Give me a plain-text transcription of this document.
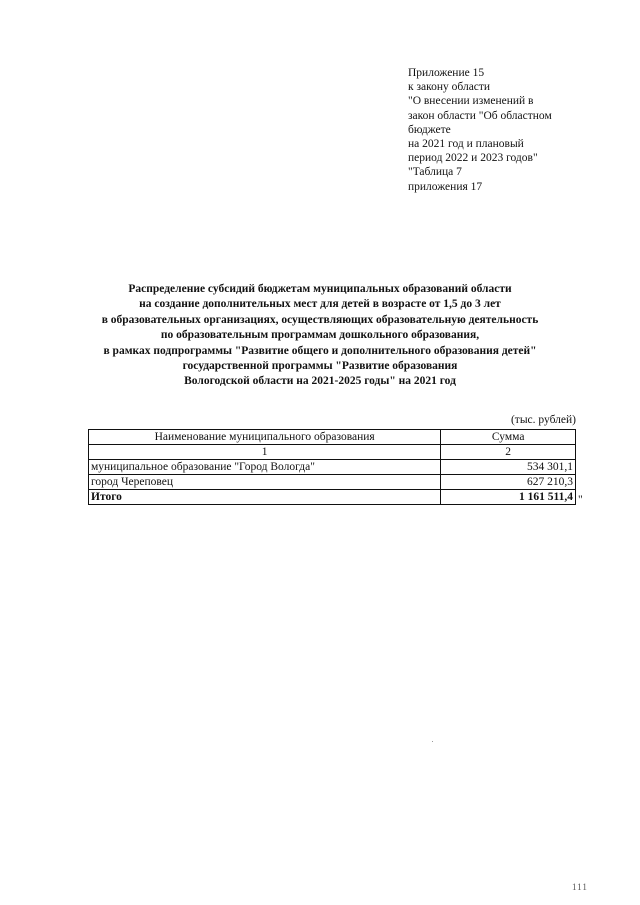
Приложение 15
к закону области
"О внесении изменений в
закон области "Об областном
бюджете
на 2021 год и плановый
период 2022 и 2023 годов"
"Таблица 7
приложения 17
Распределение субсидий бюджетам муниципальных образований области
на создание дополнительных мест для детей в возрасте от 1,5 до 3 лет
в образовательных организациях, осуществляющих образовательную деятельность
по образовательным программам дошкольного образования,
в рамках подпрограммы "Развитие общего и дополнительного образования детей"
государственной программы "Развитие образования
Вологодской области на 2021-2025 годы" на 2021 год
(тыс. рублей)
Наименование муниципального образования	Сумма
1	2
муниципальное образование "Город Вологда"	534 301,1
город Череповец	627 210,3
Итого	1 161 511,4 "
111
